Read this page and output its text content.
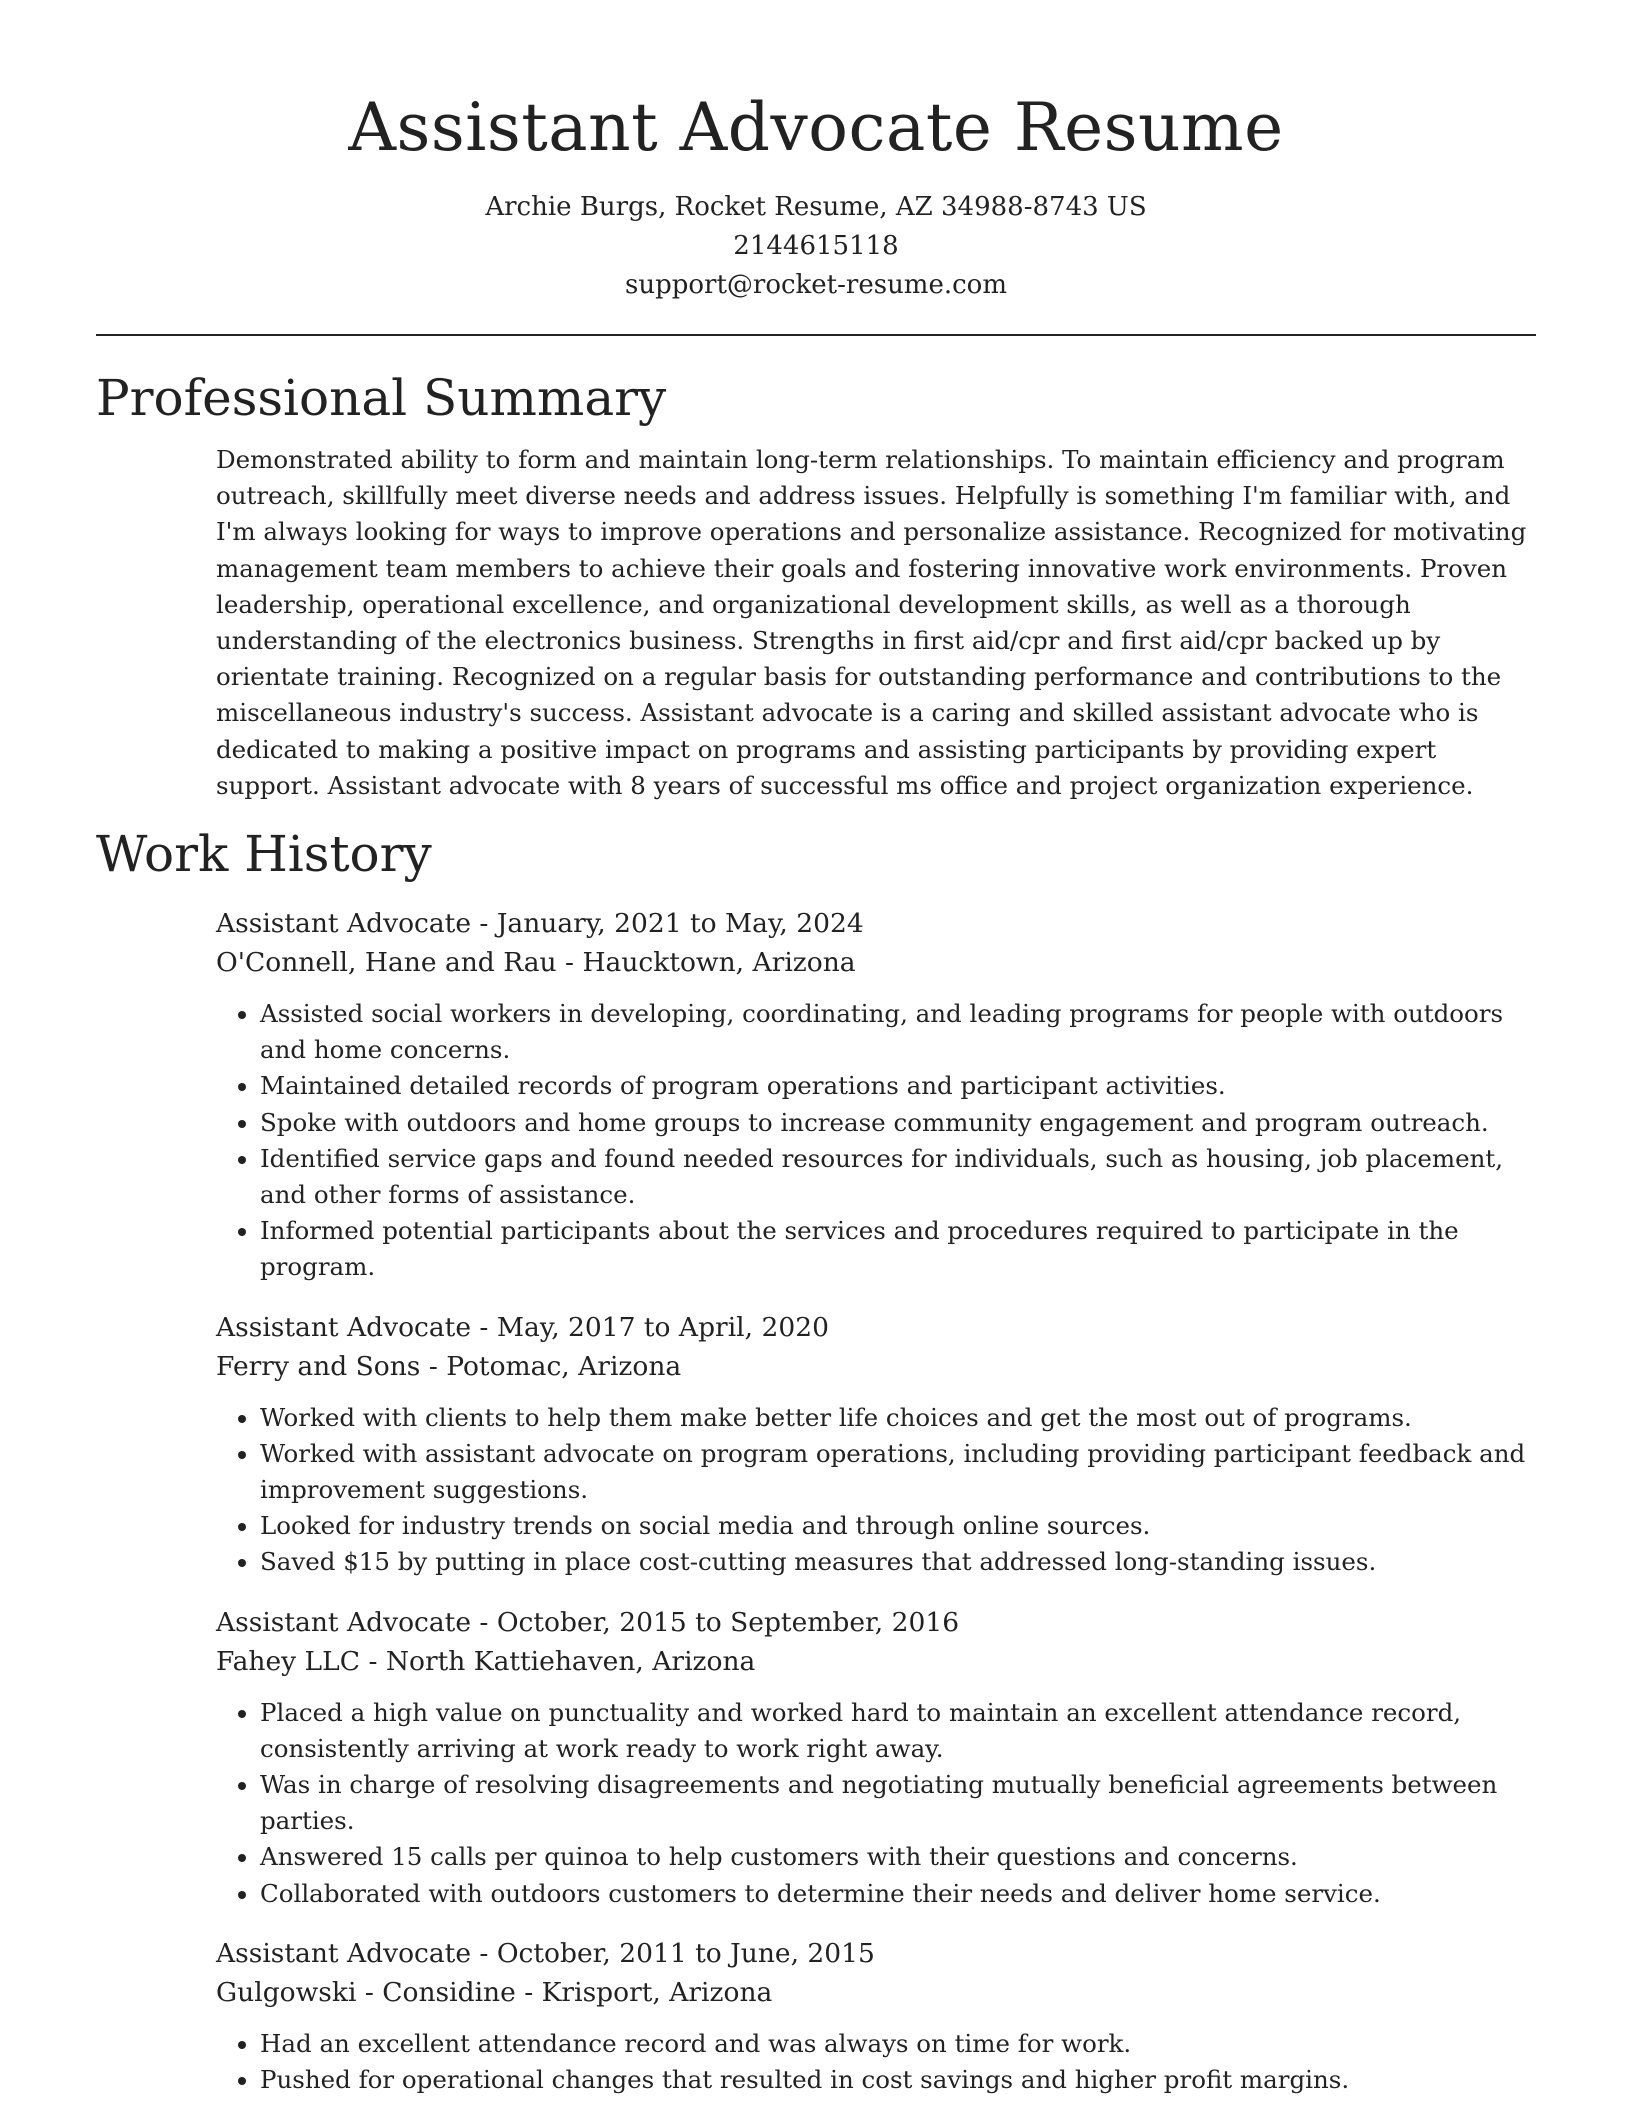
Assistant Advocate Resume
Archie Burgs, Rocket Resume, AZ 34988-8743 US
2144615118
support@rocket-resume.com
Professional Summary

Demonstrated ability to form and maintain long-term relationships. To maintain efficiency and program outreach, skillfully meet diverse needs and address issues. Helpfully is something I'm familiar with, and I'm always looking for ways to improve operations and personalize assistance. Recognized for motivating management team members to achieve their goals and fostering innovative work environments. Proven leadership, operational excellence, and organizational development skills, as well as a thorough understanding of the electronics business. Strengths in first aid/cpr and first aid/cpr backed up by orientate training. Recognized on a regular basis for outstanding performance and contributions to the miscellaneous industry's success. Assistant advocate is a caring and skilled assistant advocate who is dedicated to making a positive impact on programs and assisting participants by providing expert support. Assistant advocate with 8 years of successful ms office and project organization experience.

Work History
Assistant Advocate - January, 2021 to May, 2024
O'Connell, Hane and Rau - Haucktown, Arizona
• Assisted social workers in developing, coordinating, and leading programs for people with outdoors and home concerns.
• Maintained detailed records of program operations and participant activities.
• Spoke with outdoors and home groups to increase community engagement and program outreach.
• Identified service gaps and found needed resources for individuals, such as housing, job placement, and other forms of assistance.
• Informed potential participants about the services and procedures required to participate in the program.
Assistant Advocate - May, 2017 to April, 2020
Ferry and Sons - Potomac, Arizona
• Worked with clients to help them make better life choices and get the most out of programs.
• Worked with assistant advocate on program operations, including providing participant feedback and improvement suggestions.
• Looked for industry trends on social media and through online sources.
• Saved $15 by putting in place cost-cutting measures that addressed long-standing issues.
Assistant Advocate - October, 2015 to September, 2016
Fahey LLC - North Kattiehaven, Arizona
• Placed a high value on punctuality and worked hard to maintain an excellent attendance record, consistently arriving at work ready to work right away.
• Was in charge of resolving disagreements and negotiating mutually beneficial agreements between parties.
• Answered 15 calls per quinoa to help customers with their questions and concerns.
• Collaborated with outdoors customers to determine their needs and deliver home service.
Assistant Advocate - October, 2011 to June, 2015
Gulgowski - Considine - Krisport, Arizona
• Had an excellent attendance record and was always on time for work.
• Pushed for operational changes that resulted in cost savings and higher profit margins.
